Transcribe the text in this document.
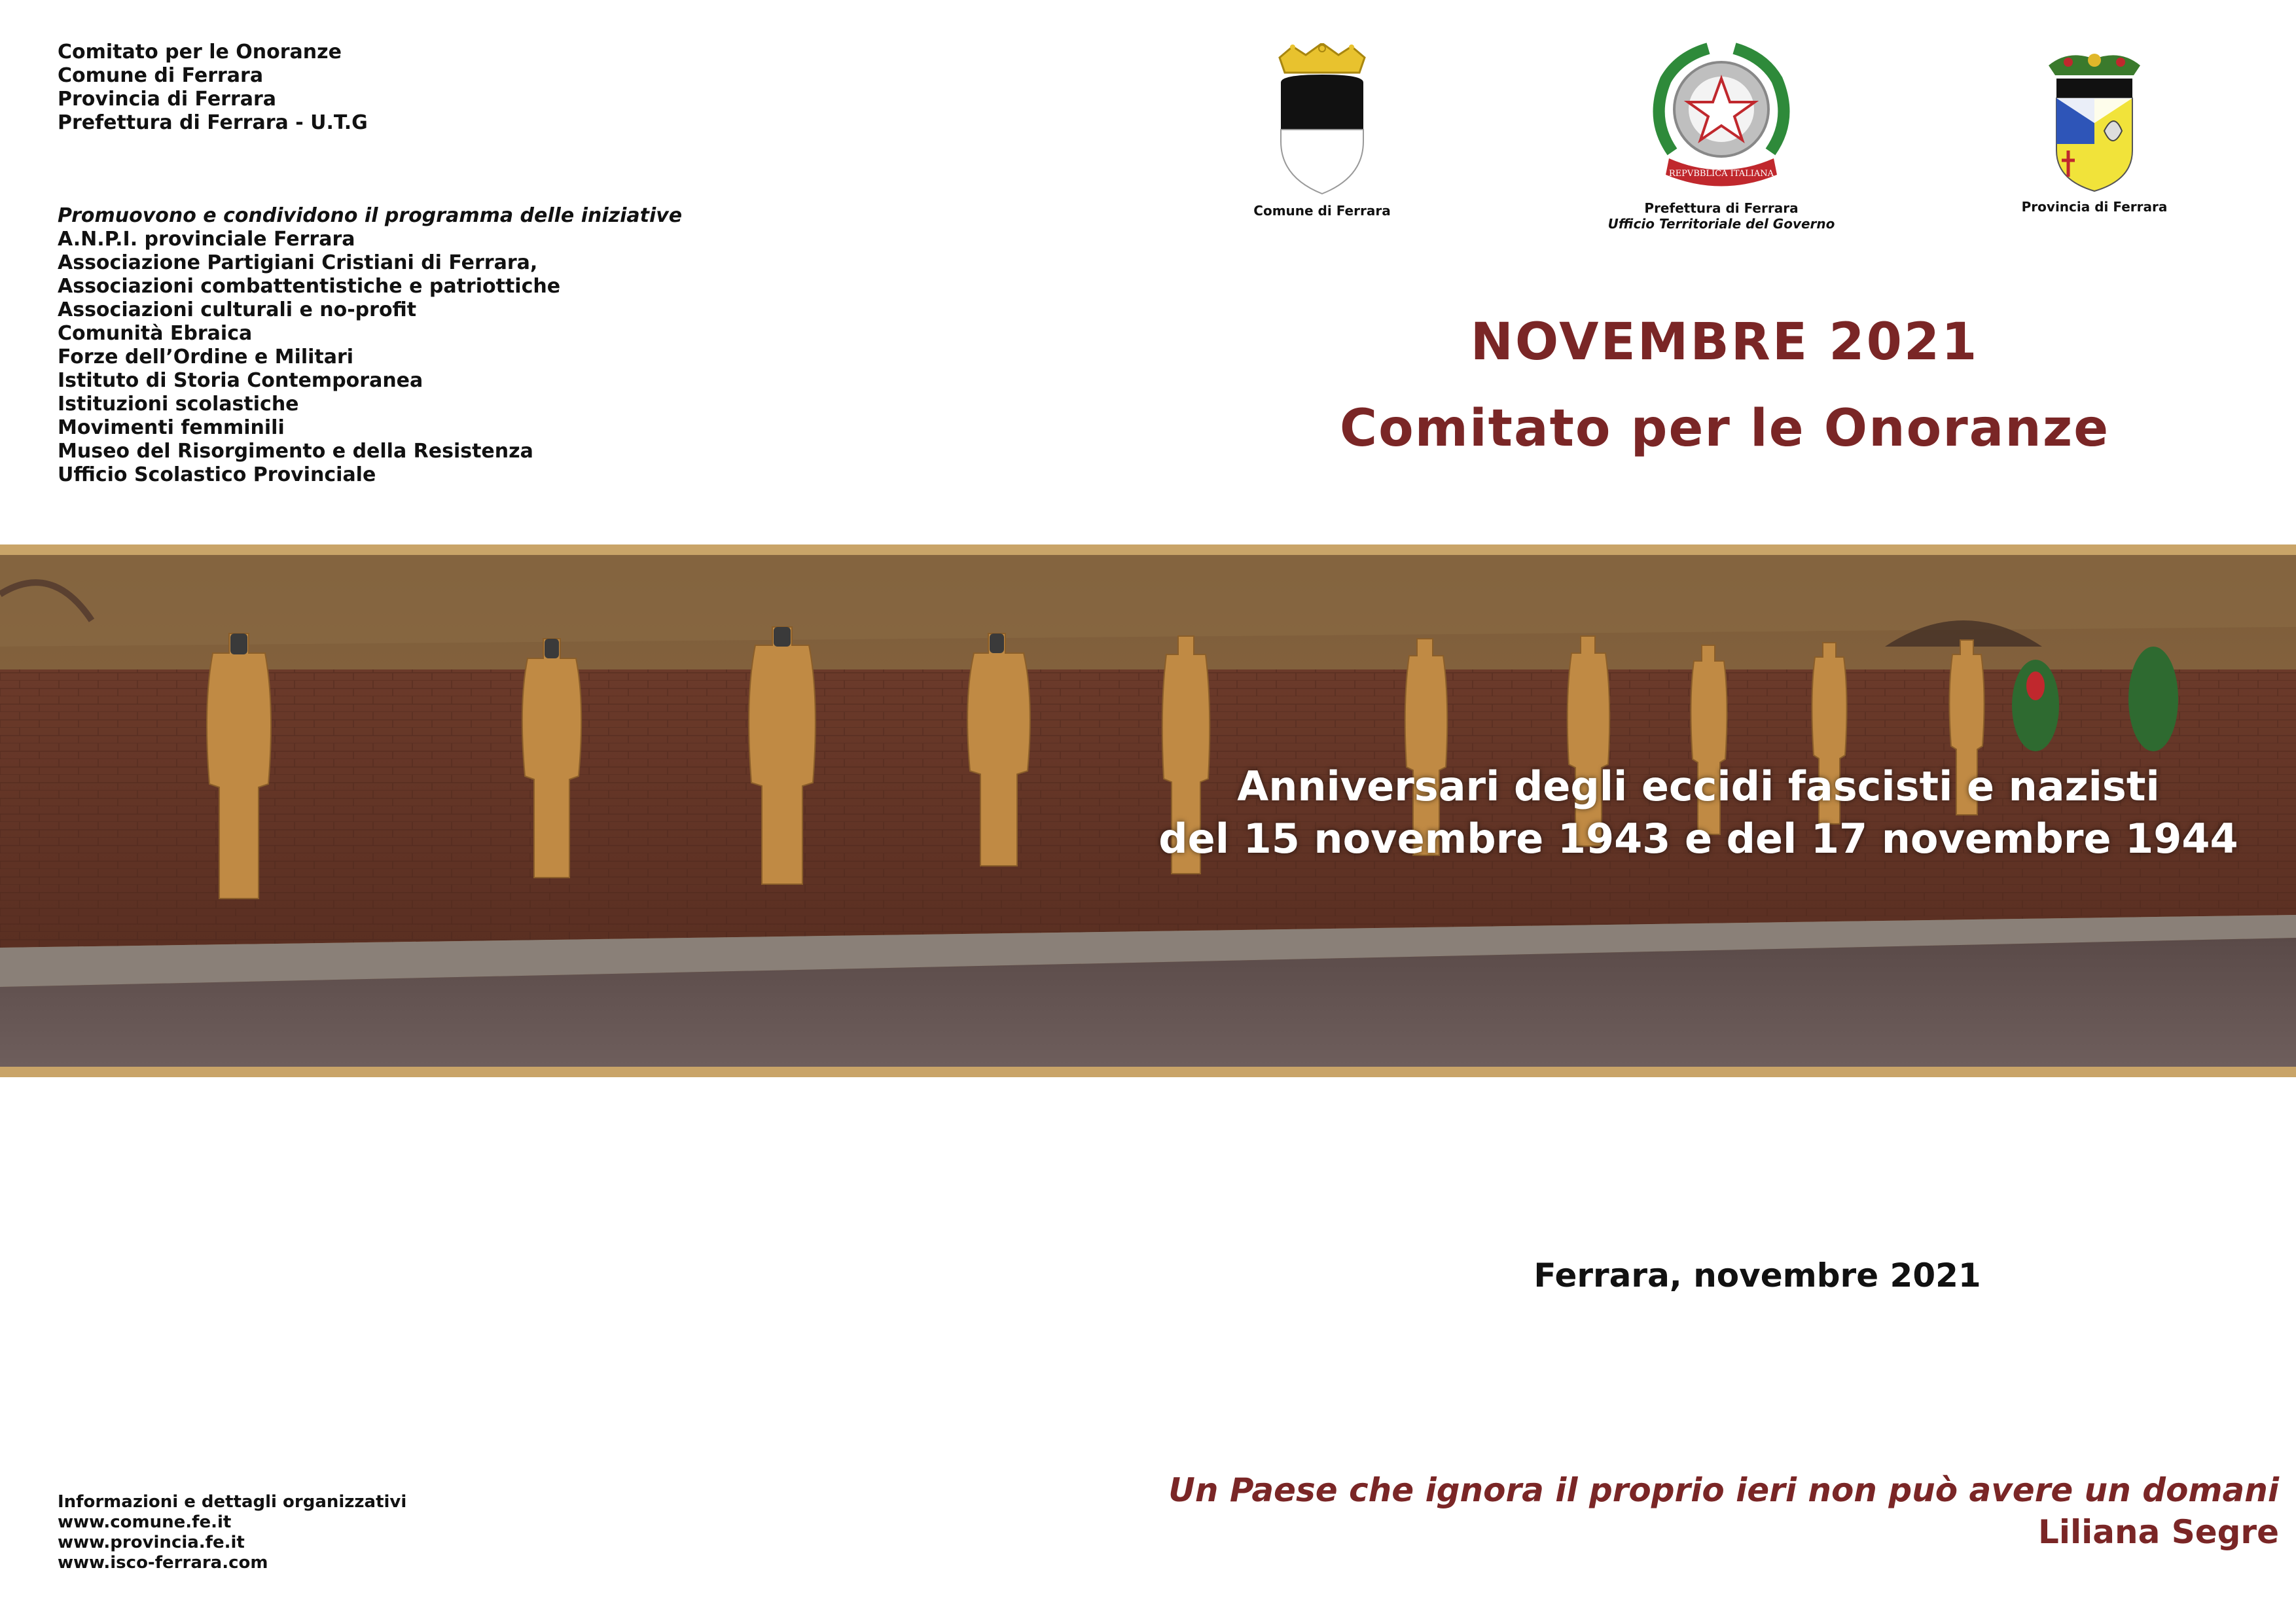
Comitato per le Onoranze
Comune di Ferrara
Provincia di Ferrara
Prefettura di Ferrara - U.T.G
Promuovono e condividono il programma delle iniziative
A.N.P.I. provinciale Ferrara
Associazione Partigiani Cristiani di Ferrara,
Associazioni combattentistiche e patriottiche
Associazioni culturali e no-profit
Comunità Ebraica
Forze dell’Ordine e Militari
Istituto di Storia Contemporanea
Istituzioni scolastiche
Movimenti femminili
Museo del Risorgimento e della Resistenza
Ufficio Scolastico Provinciale
Comune di Ferrara
REPVBBLICA ITALIANA
Prefettura di Ferrara
Ufficio Territoriale del Governo
Provincia di Ferrara
NOVEMBRE 2021
Comitato per le Onoranze
Anniversari degli eccidi fascisti e nazisti
del 15 novembre 1943 e del 17 novembre 1944
Ferrara, novembre 2021
Un Paese che ignora il proprio ieri non può avere un domani
Liliana Segre
Informazioni e dettagli organizzativi
www.comune.fe.it
www.provincia.fe.it
www.isco-ferrara.com
